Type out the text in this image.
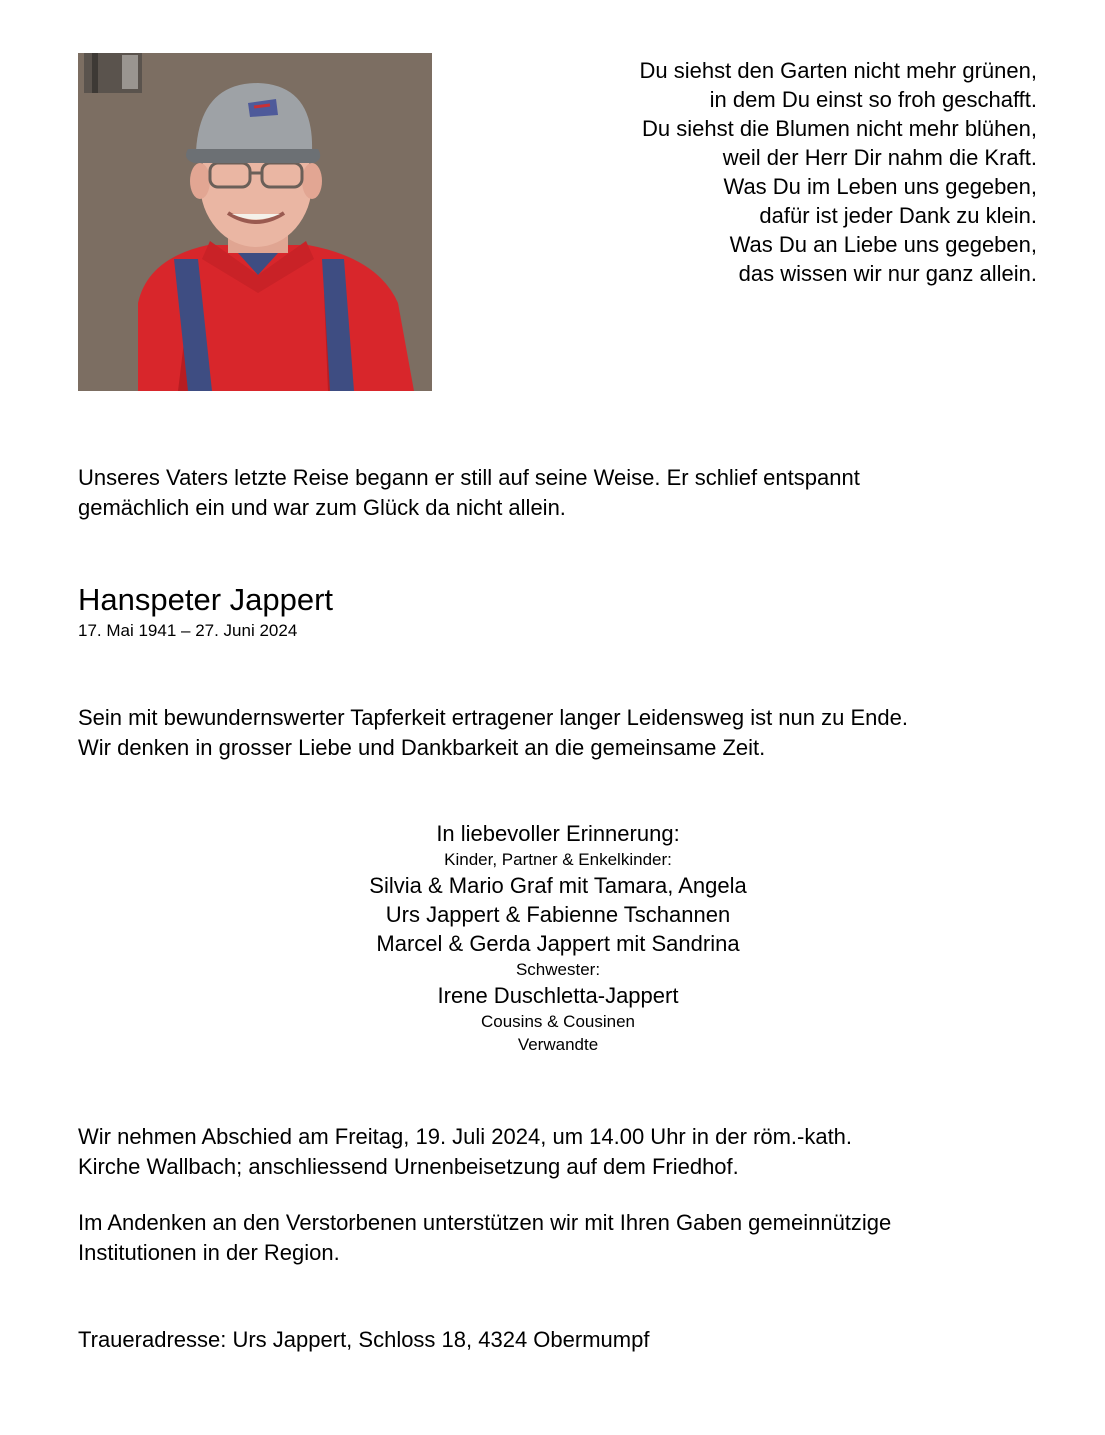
Du siehst den Garten nicht mehr grünen,
in dem Du einst so froh geschafft.
Du siehst die Blumen nicht mehr blühen,
weil der Herr Dir nahm die Kraft.
Was Du im Leben uns gegeben,
dafür ist jeder Dank zu klein.
Was Du an Liebe uns gegeben,
das wissen wir nur ganz allein.
Unseres Vaters letzte Reise begann er still auf seine Weise. Er schlief entspannt
gemächlich ein und war zum Glück da nicht allein.
Hanspeter Jappert
17. Mai 1941 – 27. Juni 2024
Sein mit bewundernswerter Tapferkeit ertragener langer Leidensweg ist nun zu Ende.
Wir denken in grosser Liebe und Dankbarkeit an die gemeinsame Zeit.
In liebevoller Erinnerung:
Kinder, Partner & Enkelkinder:
Silvia & Mario Graf mit Tamara, Angela
Urs Jappert & Fabienne Tschannen
Marcel & Gerda Jappert mit Sandrina
Schwester:
Irene Duschletta-Jappert
Cousins & Cousinen
Verwandte
Wir nehmen Abschied am Freitag, 19. Juli 2024, um 14.00 Uhr in der röm.-kath.
Kirche Wallbach; anschliessend Urnenbeisetzung auf dem Friedhof.
Im Andenken an den Verstorbenen unterstützen wir mit Ihren Gaben gemeinnützige
Institutionen in der Region.
Traueradresse: Urs Jappert, Schloss 18, 4324 Obermumpf
